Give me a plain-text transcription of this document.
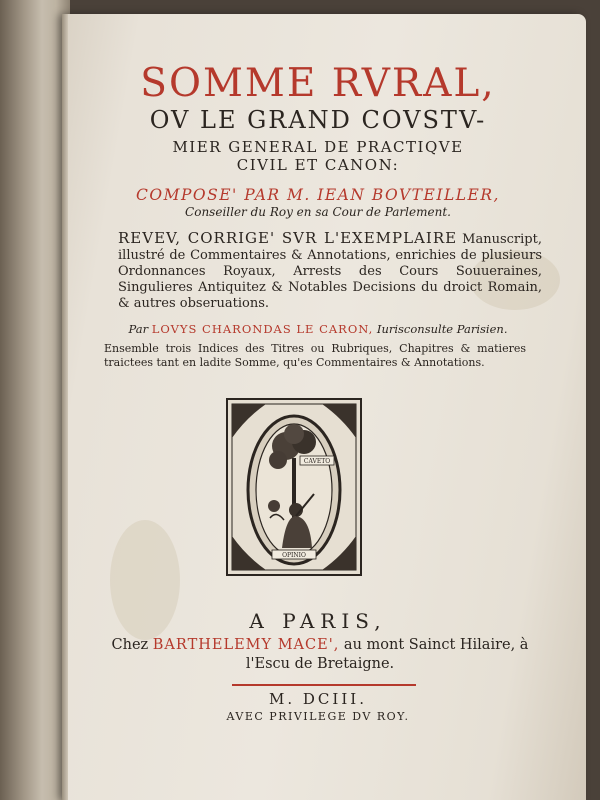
SOMME RVRAL,

OV LE GRAND COVSTV-

MIER GENERAL DE PRACTIQVE

CIVIL ET CANON:

COMPOSE' PAR M. IEAN BOVTEILLER,

Conseiller du Roy en sa Cour de Parlement.

REVEV, CORRIGE' SVR L'EXEMPLAIRE Manuscript, illustré de Commentaires & Annotations, enrichies de plusieurs Ordonnances Royaux, Arrests des Cours Souueraines, Singulieres Antiquitez & Notables Decisions du droict Romain, & autres obseruations.

Par LOVYS CHARONDAS LE CARON, Iurisconsulte Parisien.

Ensemble trois Indices des Titres ou Rubriques, Chapitres & matieres traictees tant en ladite Somme, qu'es Commentaires & Annotations.

CAVETO
OPINIO
A PARIS,
Chez BARTHELEMY MACE', au mont Sainct Hilaire, à l'Escu de Bretaigne.
M. DCIII.
AVEC PRIVILEGE DV ROY.
